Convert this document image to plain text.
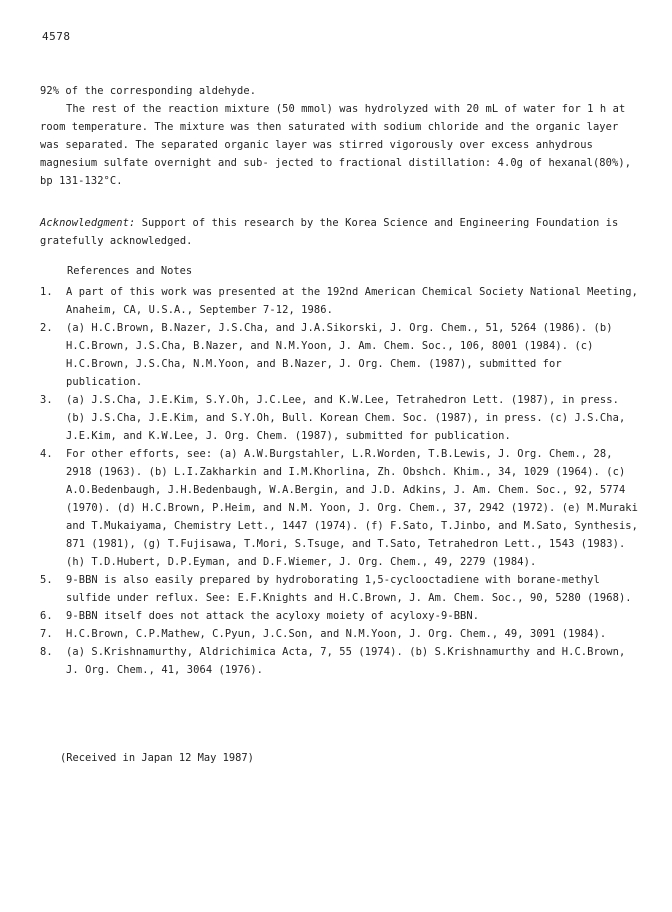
4578
92% of the corresponding aldehyde.
The rest of the reaction mixture (50 mmol) was hydrolyzed with 20 mL of water for 1 h at room temperature. The mixture was then saturated with sodium chloride and the organic layer was separated. The separated organic layer was stirred vigorously over excess anhydrous magnesium sulfate overnight and sub- jected to fractional distillation: 4.0g of hexanal(80%), bp 131-132°C.
Acknowledgment: Support of this research by the Korea Science and Engineering Foundation is gratefully acknowledged.
References and Notes
1.	A part of this work was presented at the 192nd American Chemical Society National Meeting, Anaheim, CA, U.S.A., September 7-12, 1986.
2.	(a) H.C.Brown, B.Nazer, J.S.Cha, and J.A.Sikorski, J. Org. Chem., 51, 5264 (1986). (b) H.C.Brown, J.S.Cha, B.Nazer, and N.M.Yoon, J. Am. Chem. Soc., 106, 8001 (1984). (c) H.C.Brown, J.S.Cha, N.M.Yoon, and B.Nazer, J. Org. Chem. (1987), submitted for publication.
3.	(a) J.S.Cha, J.E.Kim, S.Y.Oh, J.C.Lee, and K.W.Lee, Tetrahedron Lett. (1987), in press. (b) J.S.Cha, J.E.Kim, and S.Y.Oh, Bull. Korean Chem. Soc. (1987), in press. (c) J.S.Cha, J.E.Kim, and K.W.Lee, J. Org. Chem. (1987), submitted for publication.
4.	For other efforts, see: (a) A.W.Burgstahler, L.R.Worden, T.B.Lewis, J. Org. Chem., 28, 2918 (1963). (b) L.I.Zakharkin and I.M.Khorlina, Zh. Obshch. Khim., 34, 1029 (1964). (c) A.O.Bedenbaugh, J.H.Bedenbaugh, W.A.Bergin, and J.D. Adkins, J. Am. Chem. Soc., 92, 5774 (1970). (d) H.C.Brown, P.Heim, and N.M. Yoon, J. Org. Chem., 37, 2942 (1972). (e) M.Muraki and T.Mukaiyama, Chemistry Lett., 1447 (1974). (f) F.Sato, T.Jinbo, and M.Sato, Synthesis, 871 (1981), (g) T.Fujisawa, T.Mori, S.Tsuge, and T.Sato, Tetrahedron Lett., 1543 (1983). (h) T.D.Hubert, D.P.Eyman, and D.F.Wiemer, J. Org. Chem., 49, 2279 (1984).
5.	9-BBN is also easily prepared by hydroborating 1,5-cyclooctadiene with borane-methyl sulfide under reflux. See: E.F.Knights and H.C.Brown, J. Am. Chem. Soc., 90, 5280 (1968).
6.	9-BBN itself does not attack the acyloxy moiety of acyloxy-9-BBN.
7.	H.C.Brown, C.P.Mathew, C.Pyun, J.C.Son, and N.M.Yoon, J. Org. Chem., 49, 3091 (1984).
8.	(a) S.Krishnamurthy, Aldrichimica Acta, 7, 55 (1974). (b) S.Krishnamurthy and H.C.Brown, J. Org. Chem., 41, 3064 (1976).
(Received in Japan 12 May 1987)
